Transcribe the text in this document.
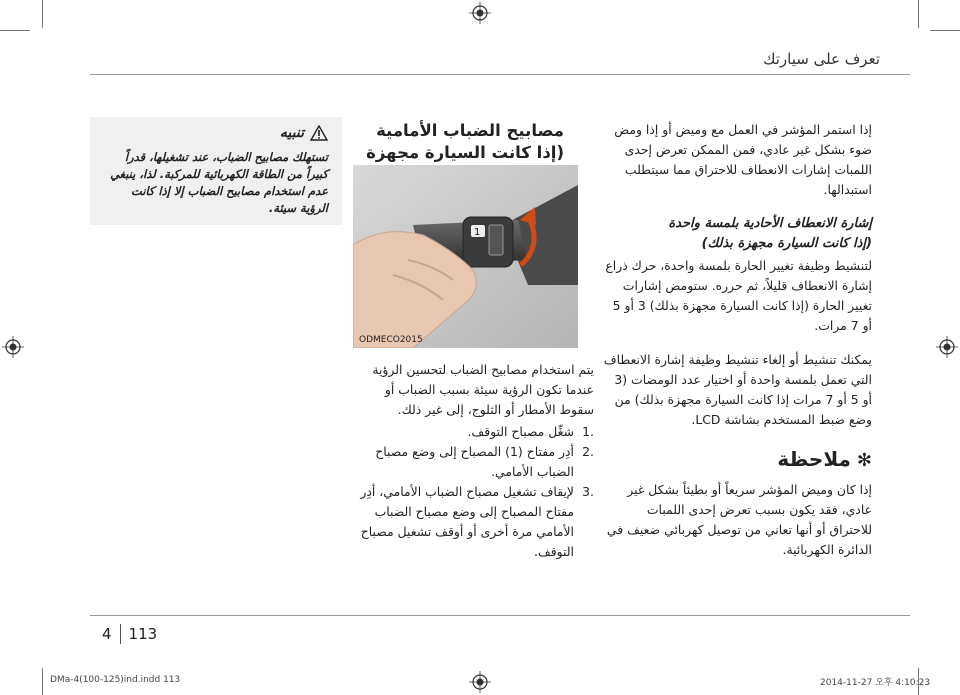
تعرف على سيارتك

إذا استمر المؤشر في العمل مع وميض أو إذا ومض ضوء بشكل غير عادي، فمن الممكن تعرض إحدى اللمبات إشارات الانعطاف للاحتراق مما سيتطلب استبدالها.

إشارة الانعطاف الأحادية بلمسة واحدة
(إذا كانت السيارة مجهزة بذلك)

لتنشيط وظيفة تغيير الحارة بلمسة واحدة، حرك ذراع إشارة الانعطاف قليلاً، ثم حرره. ستومض إشارات تغيير الحارة (إذا كانت السيارة مجهزة بذلك) 3 أو 5 أو 7 مرات.

يمكنك تنشيط أو إلغاء تنشيط وظيفة إشارة الانعطاف التي تعمل بلمسة واحدة أو اختيار عدد الومضات (3 أو 5 أو 7 مرات إذا كانت السيارة مجهزة بذلك) من وضع ضبط المستخدم بشاشة LCD.

✻ملاحظة

إذا كان وميض المؤشر سريعاً أو بطيئاً بشكل غير عادي، فقد يكون بسبب تعرض إحدى اللمبات للاحتراق أو أنها تعاني من توصيل كهربائي ضعيف في الدائرة الكهربائية.

مصابيح الضباب الأمامية
(إذا كانت السيارة مجهزة
1
ODMECO2015

يتم استخدام مصابيح الضباب لتحسين الرؤية عندما تكون الرؤية سيئة بسبب الضباب أو سقوط الأمطار أو الثلوج، إلى غير ذلك.

.1
شغِّل مصباح التوقف.
.2
أدِر مفتاح (1) المصباح إلى وضع مصباح الضباب الأمامي.
.3
لإيقاف تشغيل مصباح الضباب الأمامي، أدِر مفتاح المصباح إلى وضع مصباح الضباب الأمامي مرة أخرى أو أوقف تشغيل مصباح التوقف.
تنبيه
تستهلك مصابيح الضباب، عند تشغيلها، قدراً كبيراً من الطاقة الكهربائية للمركبة. لذا، ينبغي عدم استخدام مصابيح الضباب إلا إذا كانت الرؤية سيئة.
4 113
DMa-4(100-125)ind.indd 113	2014-11-27 오후 4:10:23
